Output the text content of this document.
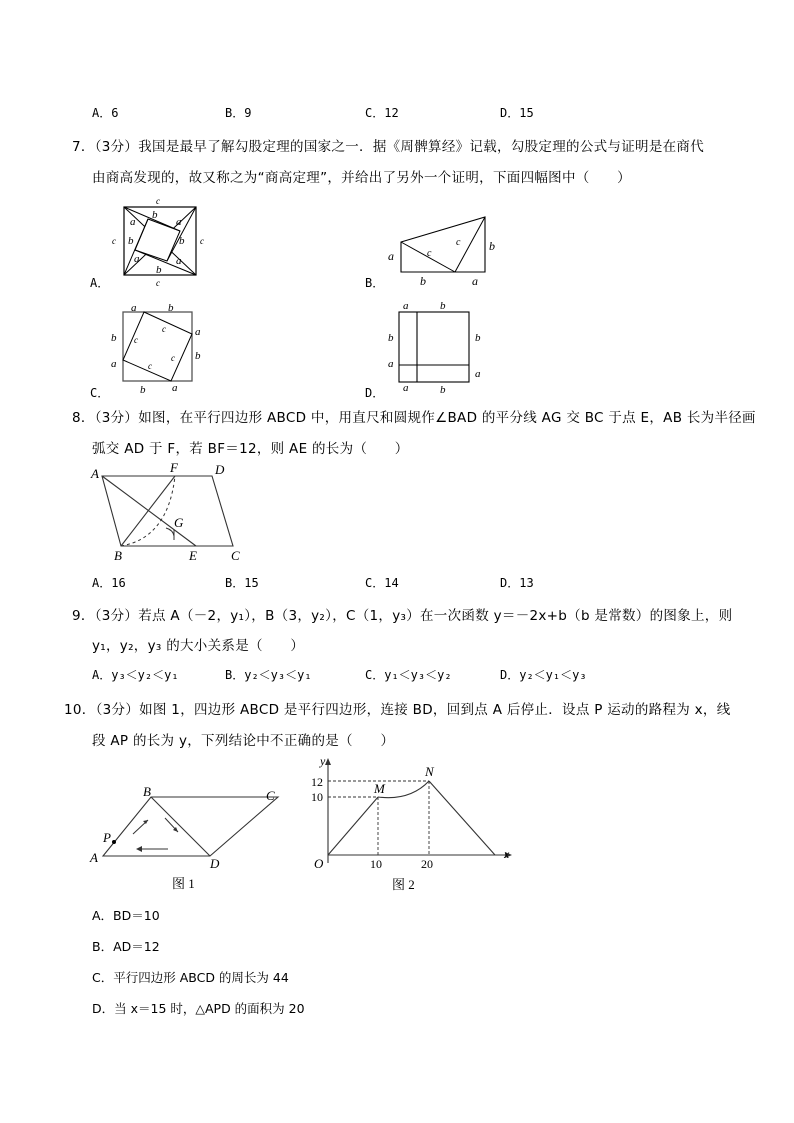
A．6	B．9	C．12	D．15
7．（3分）我国是最早了解勾股定理的国家之一．据《周髀算经》记载，勾股定理的公式与证明是在商代
由商高发现的，故又称之为“商高定理”，并给出了另外一个证明，下面四幅图中（　　）
A．
c
c
c	c
a
b
a
b	b
a	a
b
B．
a
b	a
b
c
c
C．
a	b
a
b
b a
b
a
c
c
c
c
D．
a	b
b
a
b
a
a	b
8．（3分）如图，在平行四边形 ABCD 中，用直尺和圆规作∠BAD 的平分线 AG 交 BC 于点 E，AB 长为半径画
弧交 AD 于 F，若 BF＝12，则 AE 的长为（　　）
A	F	D
G
B	E	C
A．16	B．15	C．14	D．13
9．（3分）若点 A（－2，y₁），B（3，y₂），C（1，y₃）在一次函数 y＝－2x+b（b 是常数）的图象上，则
y₁，y₂，y₃ 的大小关系是（　　）
A．y₃＜y₂＜y₁	B．y₂＜y₃＜y₁	C．y₁＜y₃＜y₂	D．y₂＜y₁＜y₃
10．（3分）如图 1，四边形 ABCD 是平行四边形，连接 BD，回到点 A 后停止．设点 P 运动的路程为 x，线
段 AP 的长为 y，下列结论中不正确的是（　　）
B	C
A	D
P
图 1
y
x
O	10	20
10
12	M
N
图 2
A．BD＝10
B．AD＝12
C．平行四边形 ABCD 的周长为 44
D．当 x＝15 时，△APD 的面积为 20
